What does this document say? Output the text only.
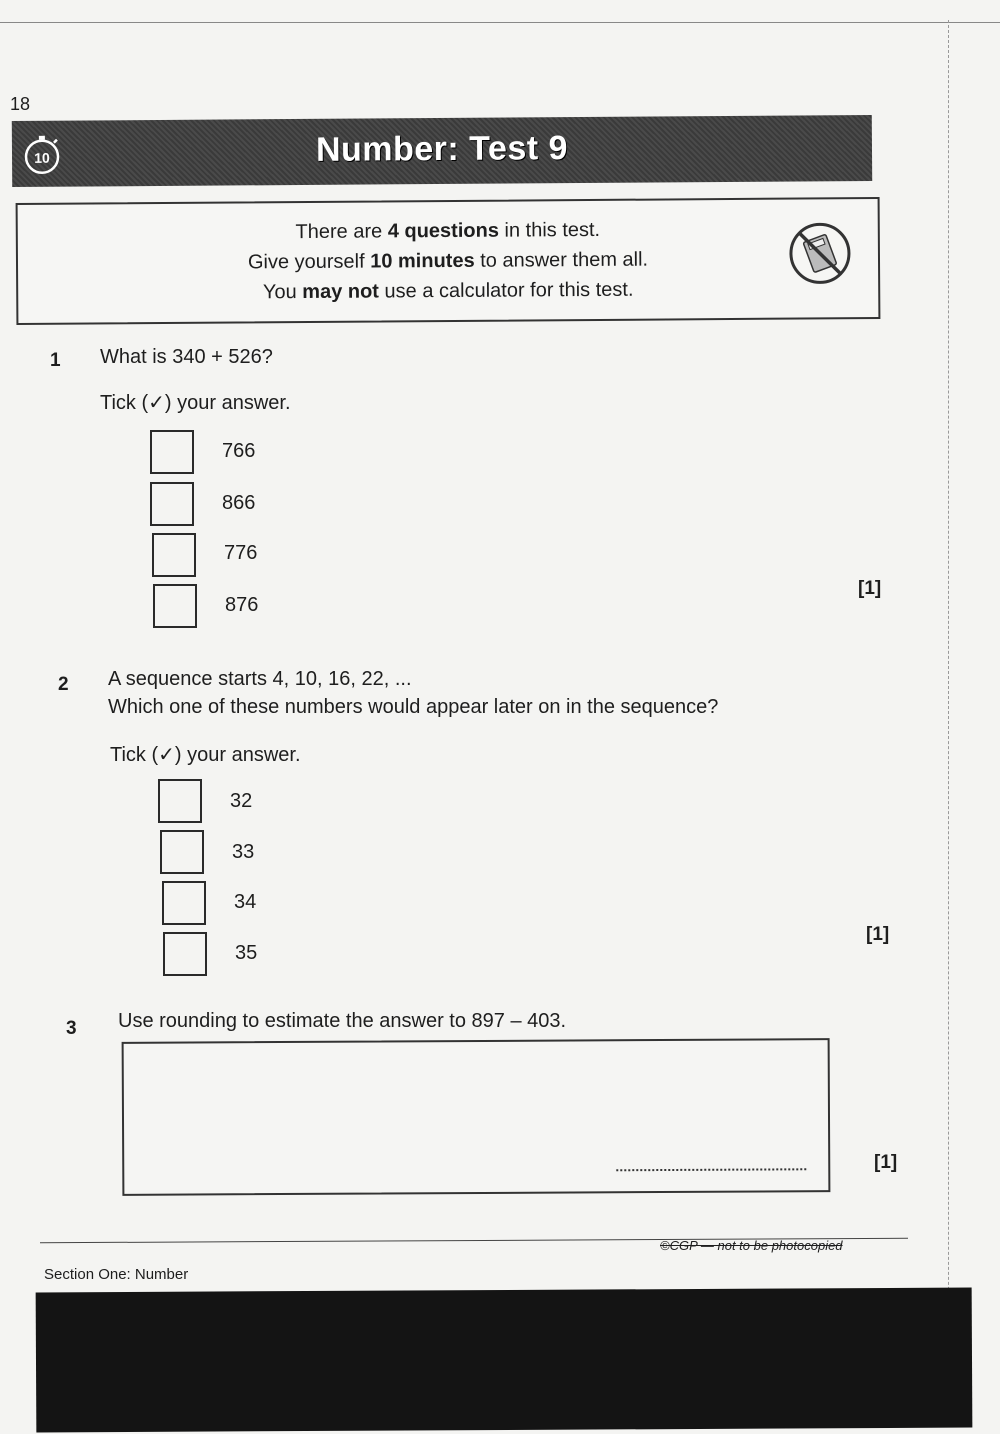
18
10	Number: Test 9
There are 4 questions in this test.
Give yourself 10 minutes to answer them all.
You may not use a calculator for this test.
1 What is 340 + 526?
Tick (✓) your answer.
766
866
776
876
[1]
2 A sequence starts 4, 10, 16, 22, ...
Which one of these numbers would appear later on in the sequence?
Tick (✓) your answer.
32
33
34
35
[1]
3 Use rounding to estimate the answer to 897 – 403.
[1]
Section One: Number
©CGP — not to be photocopied
